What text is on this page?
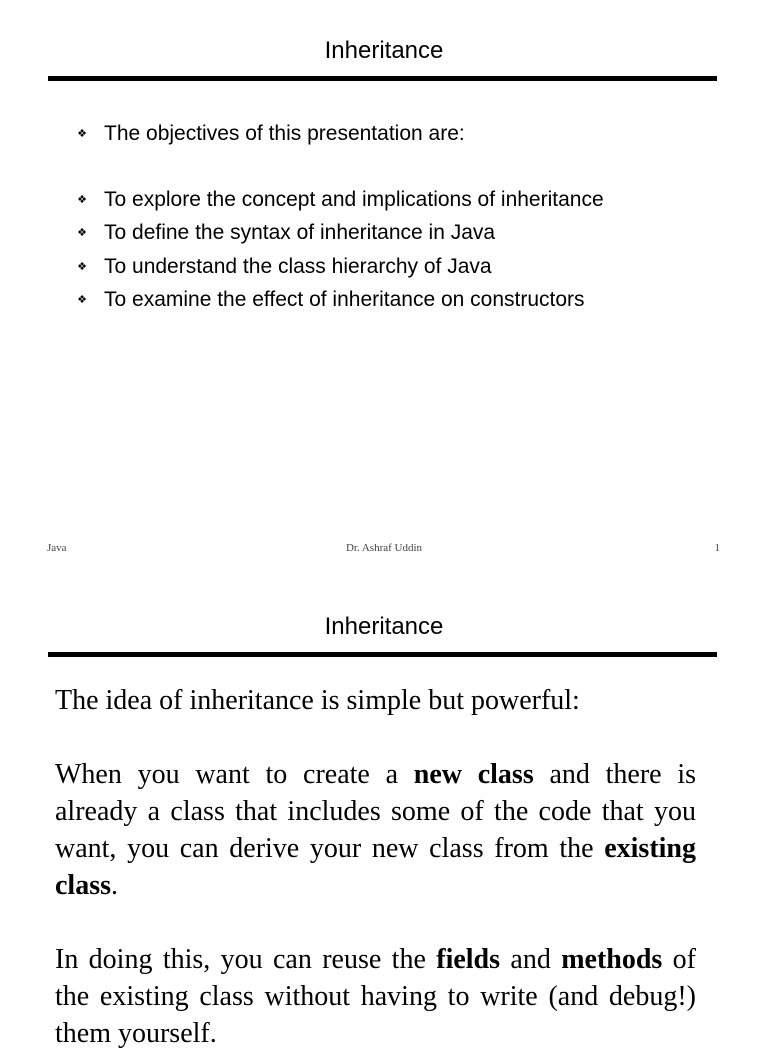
Inheritance
❖ The objectives of this presentation are:
❖ To explore the concept and implications of inheritance
❖ To define the syntax of inheritance in Java
❖ To understand the class hierarchy of Java
❖ To examine the effect of inheritance on constructors
Java	Dr. Ashraf Uddin	1
Inheritance

The idea of inheritance is simple but powerful:

When you want to create a new class and there is already a class that includes some of the code that you want, you can derive your new class from the existing class.

In doing this, you can reuse the fields and methods of the existing class without having to write (and debug!) them yourself.
